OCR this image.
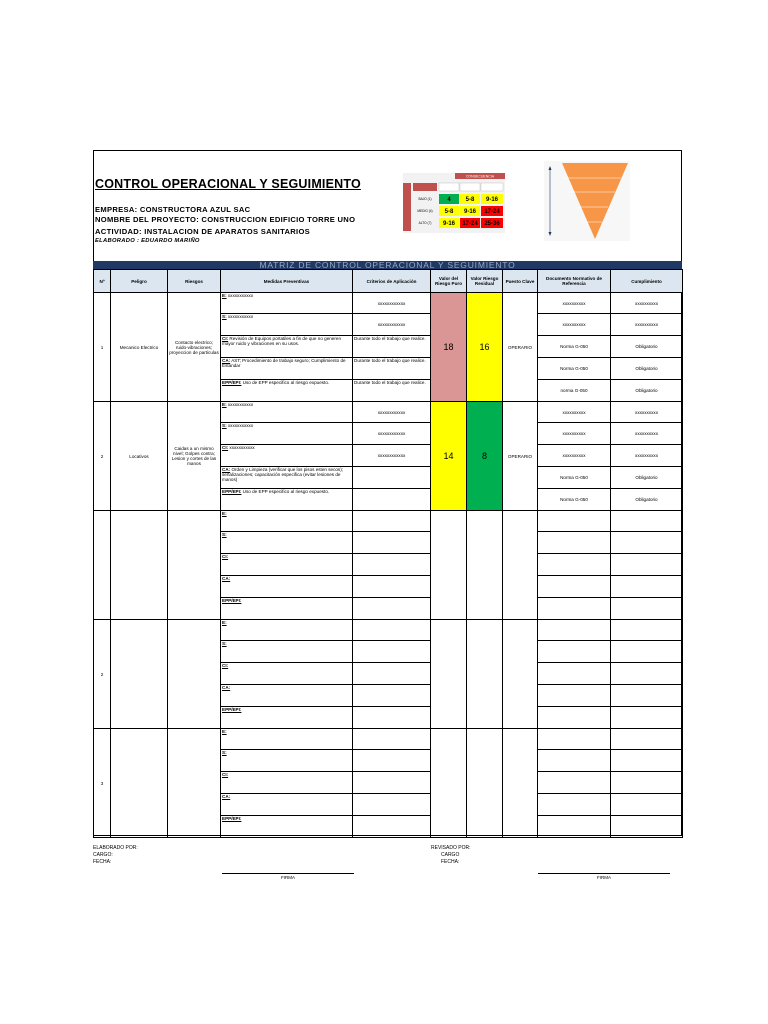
CONTROL OPERACIONAL Y SEGUIMIENTO
EMPRESA: CONSTRUCTORA AZUL SAC
NOMBRE DEL PROYECTO: CONSTRUCCION EDIFICIO TORRE UNO
ACTIVIDAD: INSTALACION DE APARATOS SANITARIOS
ELABORADO : EDUARDO MARIÑO
CONSECUENCIA
BAJO (1)	4 5-8 9-16
MEDIO (4) 5-8 9-16 17-24
ALTO (7) 9-16 17-24 25-36
MATRIZ DE CONTROL OPERACIONAL Y SEGUIMIENTO
Nº	Peligro	Riesgos	Medidas Preventivas	Criterios de Aplicación	Valor del Riesgo Puro	Valor Riesgo Residual	Puesto Clave	Documento Normativo de Referencia	Cumplimiento
1	Mecanico Electrico	Contacto electrico; ruido-vibraciones; proyeccion de particulas	E: xxxxxxxxxxx	xxxxxxxxxxxx	18	16	OPERARIO	xxxxxxxxxx	xxxxxxxxxx
			S: xxxxxxxxxxx	xxxxxxxxxxxx				xxxxxxxxxx	xxxxxxxxxx
			CI: Revisión de Equipos portatiles a fin de que no generen mayor ruido y vibraciones en su usos.	Durante todo el trabajo que realice.				Norma G-050	Obligatorio
			CA: AST; Procedimiento de trabajo seguro; Cumplimiento de Estandar	Durante todo el trabajo que realice.				Norma G-050	Obligatorio
			EPP/EPI: Uso de EPP especifico al riesgo expuesto.	Durante todo el trabajo que realice.				norma G-050	Obligatorio
2	Locativos	Caidas a un mismo nivel; Golpes contra; Lesion y cortes de las manos	E: xxxxxxxxxxx	xxxxxxxxxxxx	14	8	OPERARIO	xxxxxxxxxx	xxxxxxxxxx
			S: xxxxxxxxxxx	xxxxxxxxxxxx				xxxxxxxxxx	xxxxxxxxxx
			CI: xxxxxxxxxxx	xxxxxxxxxxxx				xxxxxxxxxx	xxxxxxxxxx
			CA: Orden y Limpieza (verificar que los pisos esten secos); señalizaciones; capacitación especifica (evitar lesiones de manos)					Norma G-050	Obligatorio
			EPP/EPI: Uso de EPP especifico al riesgo expuesto.					Norma G-050	Obligatorio
			E:						
			S:						
			CI:						
			CA:						
			EPP/EPI:						
2			E:						
			S:						
			CI:						
			CA:						
			EPP/EPI:						
3			E:						
			S:						
			CI:						
			CA:						
			EPP/EPI:						
ELABORADO POR:
CARGO:
FECHA:
REVISADO POR:
CARGO
FECHA:
FIRMA	FIRMA
